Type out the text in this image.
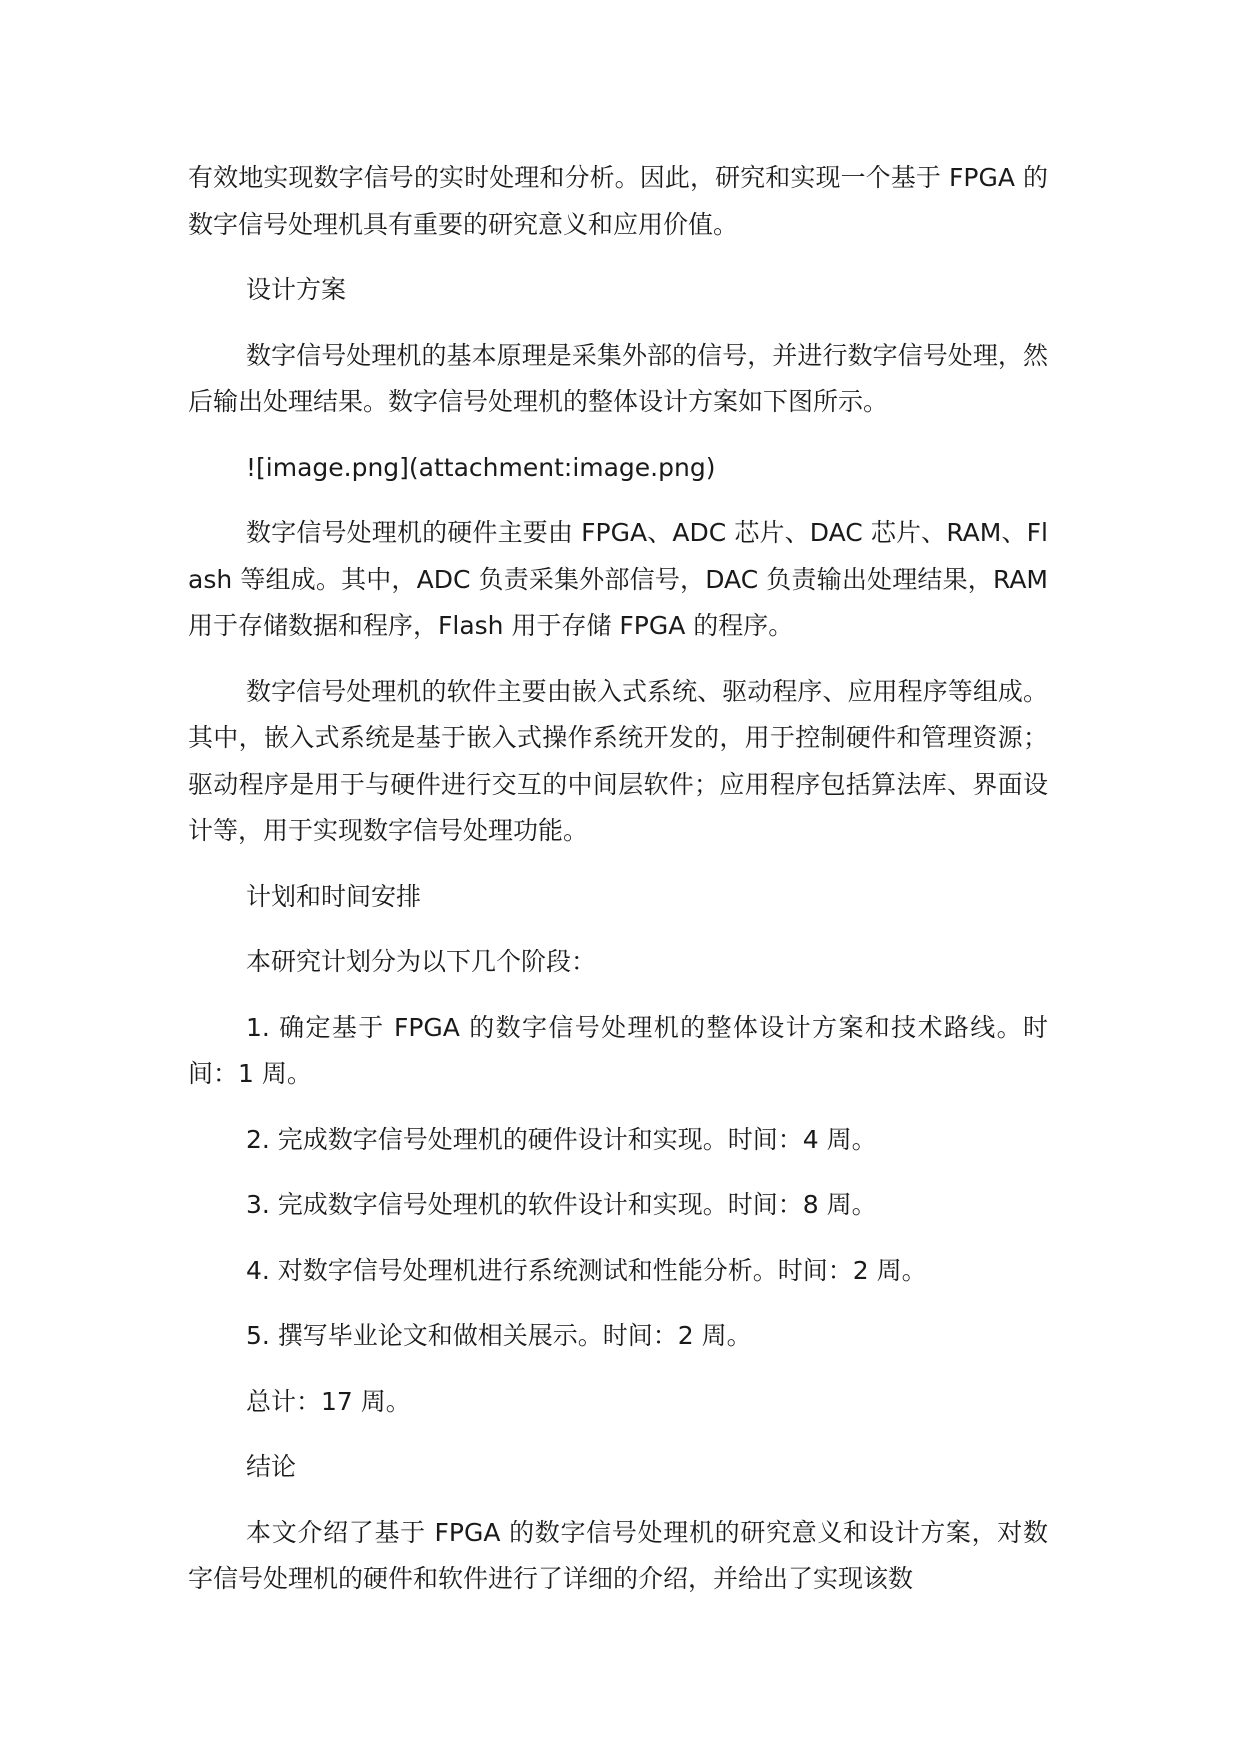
有效地实现数字信号的实时处理和分析。因此，研究和实现一个基于 FPGA 的数字信号处理机具有重要的研究意义和应用价值。

设计方案

数字信号处理机的基本原理是采集外部的信号，并进行数字信号处理，然后输出处理结果。数字信号处理机的整体设计方案如下图所示。

![image.png](attachment:image.png)

数字信号处理机的硬件主要由 FPGA、ADC 芯片、DAC 芯片、RAM、Flash 等组成。其中，ADC 负责采集外部信号，DAC 负责输出处理结果，RAM 用于存储数据和程序，Flash 用于存储 FPGA 的程序。

数字信号处理机的软件主要由嵌入式系统、驱动程序、应用程序等组成。其中，嵌入式系统是基于嵌入式操作系统开发的，用于控制硬件和管理资源；驱动程序是用于与硬件进行交互的中间层软件；应用程序包括算法库、界面设计等，用于实现数字信号处理功能。

计划和时间安排

本研究计划分为以下几个阶段：

1. 确定基于 FPGA 的数字信号处理机的整体设计方案和技术路线。时间：1 周。

2. 完成数字信号处理机的硬件设计和实现。时间：4 周。

3. 完成数字信号处理机的软件设计和实现。时间：8 周。

4. 对数字信号处理机进行系统测试和性能分析。时间：2 周。

5. 撰写毕业论文和做相关展示。时间：2 周。

总计：17 周。

结论

本文介绍了基于 FPGA 的数字信号处理机的研究意义和设计方案，对数字信号处理机的硬件和软件进行了详细的介绍，并给出了实现该数
